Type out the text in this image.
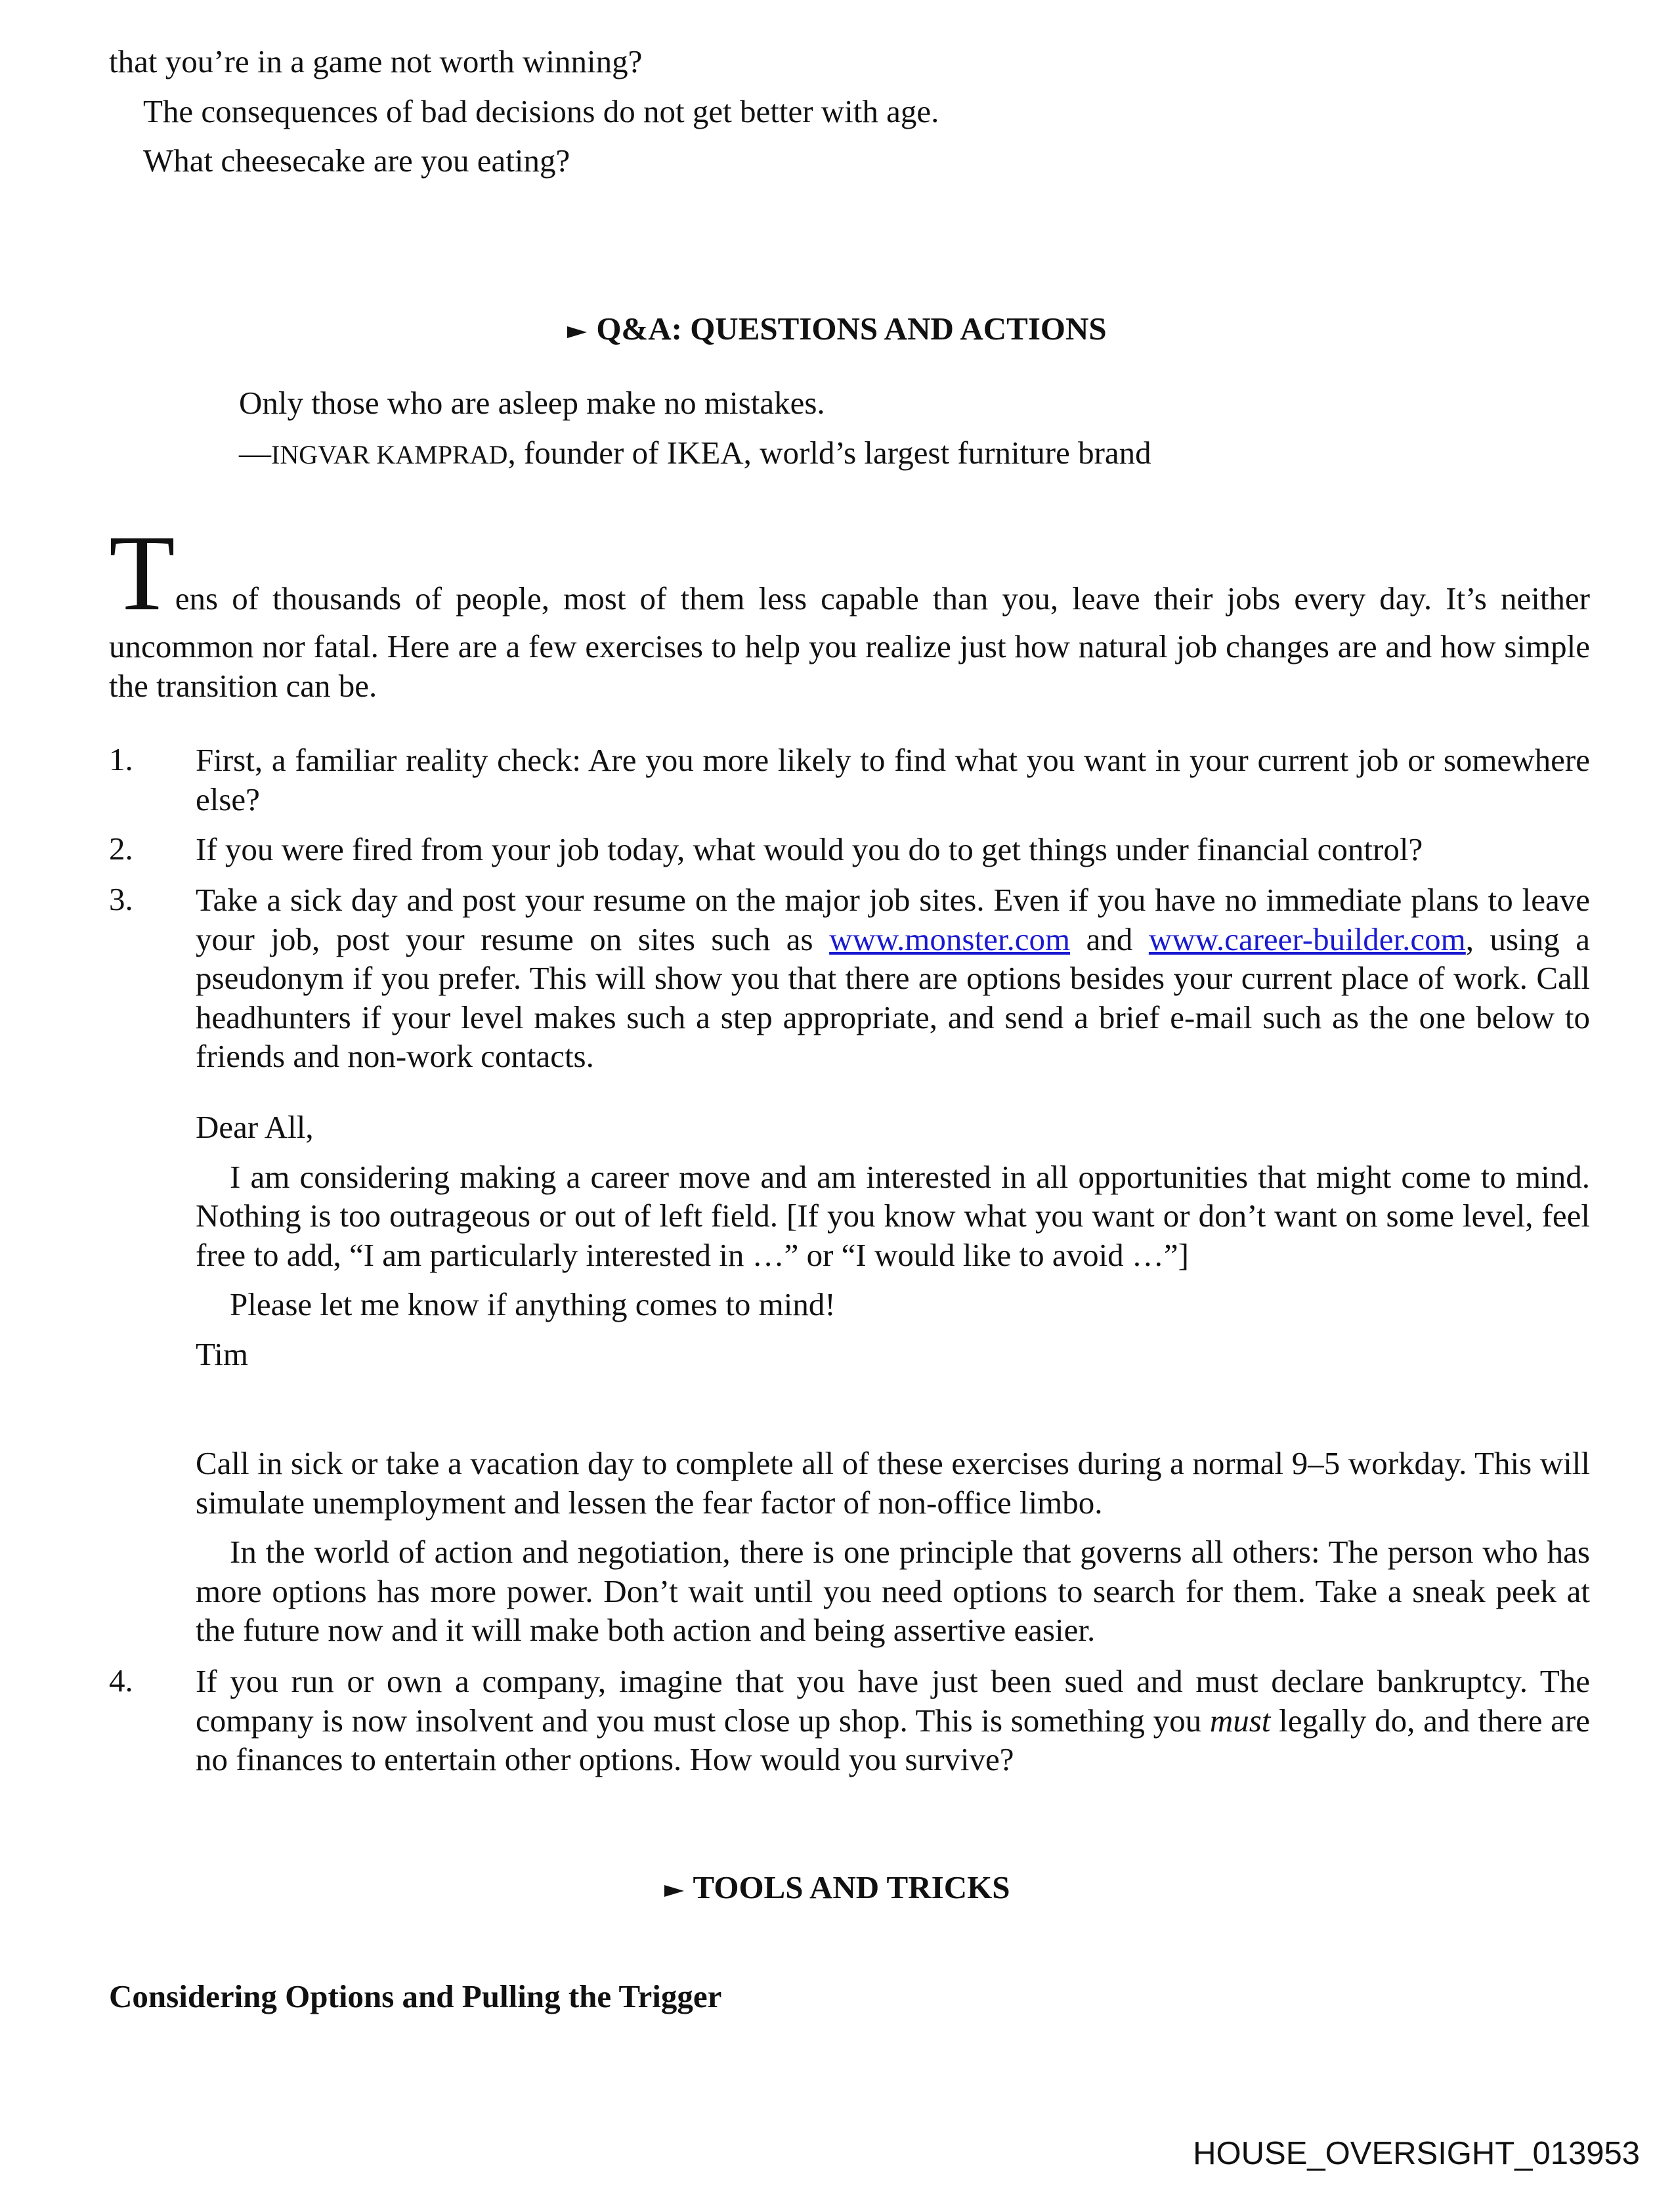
that you’re in a game not worth winning?

The consequences of bad decisions do not get better with age.

What cheesecake are you eating?

Q&A: QUESTIONS AND ACTIONS

Only those who are asleep make no mistakes.

—INGVAR KAMPRAD, founder of IKEA, world’s largest furniture brand

Tens of thousands of people, most of them less capable than you, leave their jobs every day. It’s neither uncommon nor fatal. Here are a few exercises to help you realize just how natural job changes are and how simple the transition can be.

1. First, a familiar reality check: Are you more likely to find what you want in your current job or somewhere else?

2. If you were fired from your job today, what would you do to get things under financial control?

3. Take a sick day and post your resume on the major job sites. Even if you have no immediate plans to leave your job, post your resume on sites such as www.monster.com and www.career-builder.com, using a pseudonym if you prefer. This will show you that there are options besides your current place of work. Call headhunters if your level makes such a step appropriate, and send a brief e-mail such as the one below to friends and non-work contacts.

Dear All,

I am considering making a career move and am interested in all opportunities that might come to mind. Nothing is too outrageous or out of left field. [If you know what you want or don’t want on some level, feel free to add, “I am particularly interested in …” or “I would like to avoid …”]

Please let me know if anything comes to mind!

Tim

Call in sick or take a vacation day to complete all of these exercises during a normal 9–5 workday. This will simulate unemployment and lessen the fear factor of non-office limbo.

In the world of action and negotiation, there is one principle that governs all others: The person who has more options has more power. Don’t wait until you need options to search for them. Take a sneak peek at the future now and it will make both action and being assertive easier.

4. If you run or own a company, imagine that you have just been sued and must declare bankruptcy. The company is now insolvent and you must close up shop. This is something you must legally do, and there are no finances to entertain other options. How would you survive?

TOOLS AND TRICKS
Considering Options and Pulling the Trigger
HOUSE_OVERSIGHT_013953
